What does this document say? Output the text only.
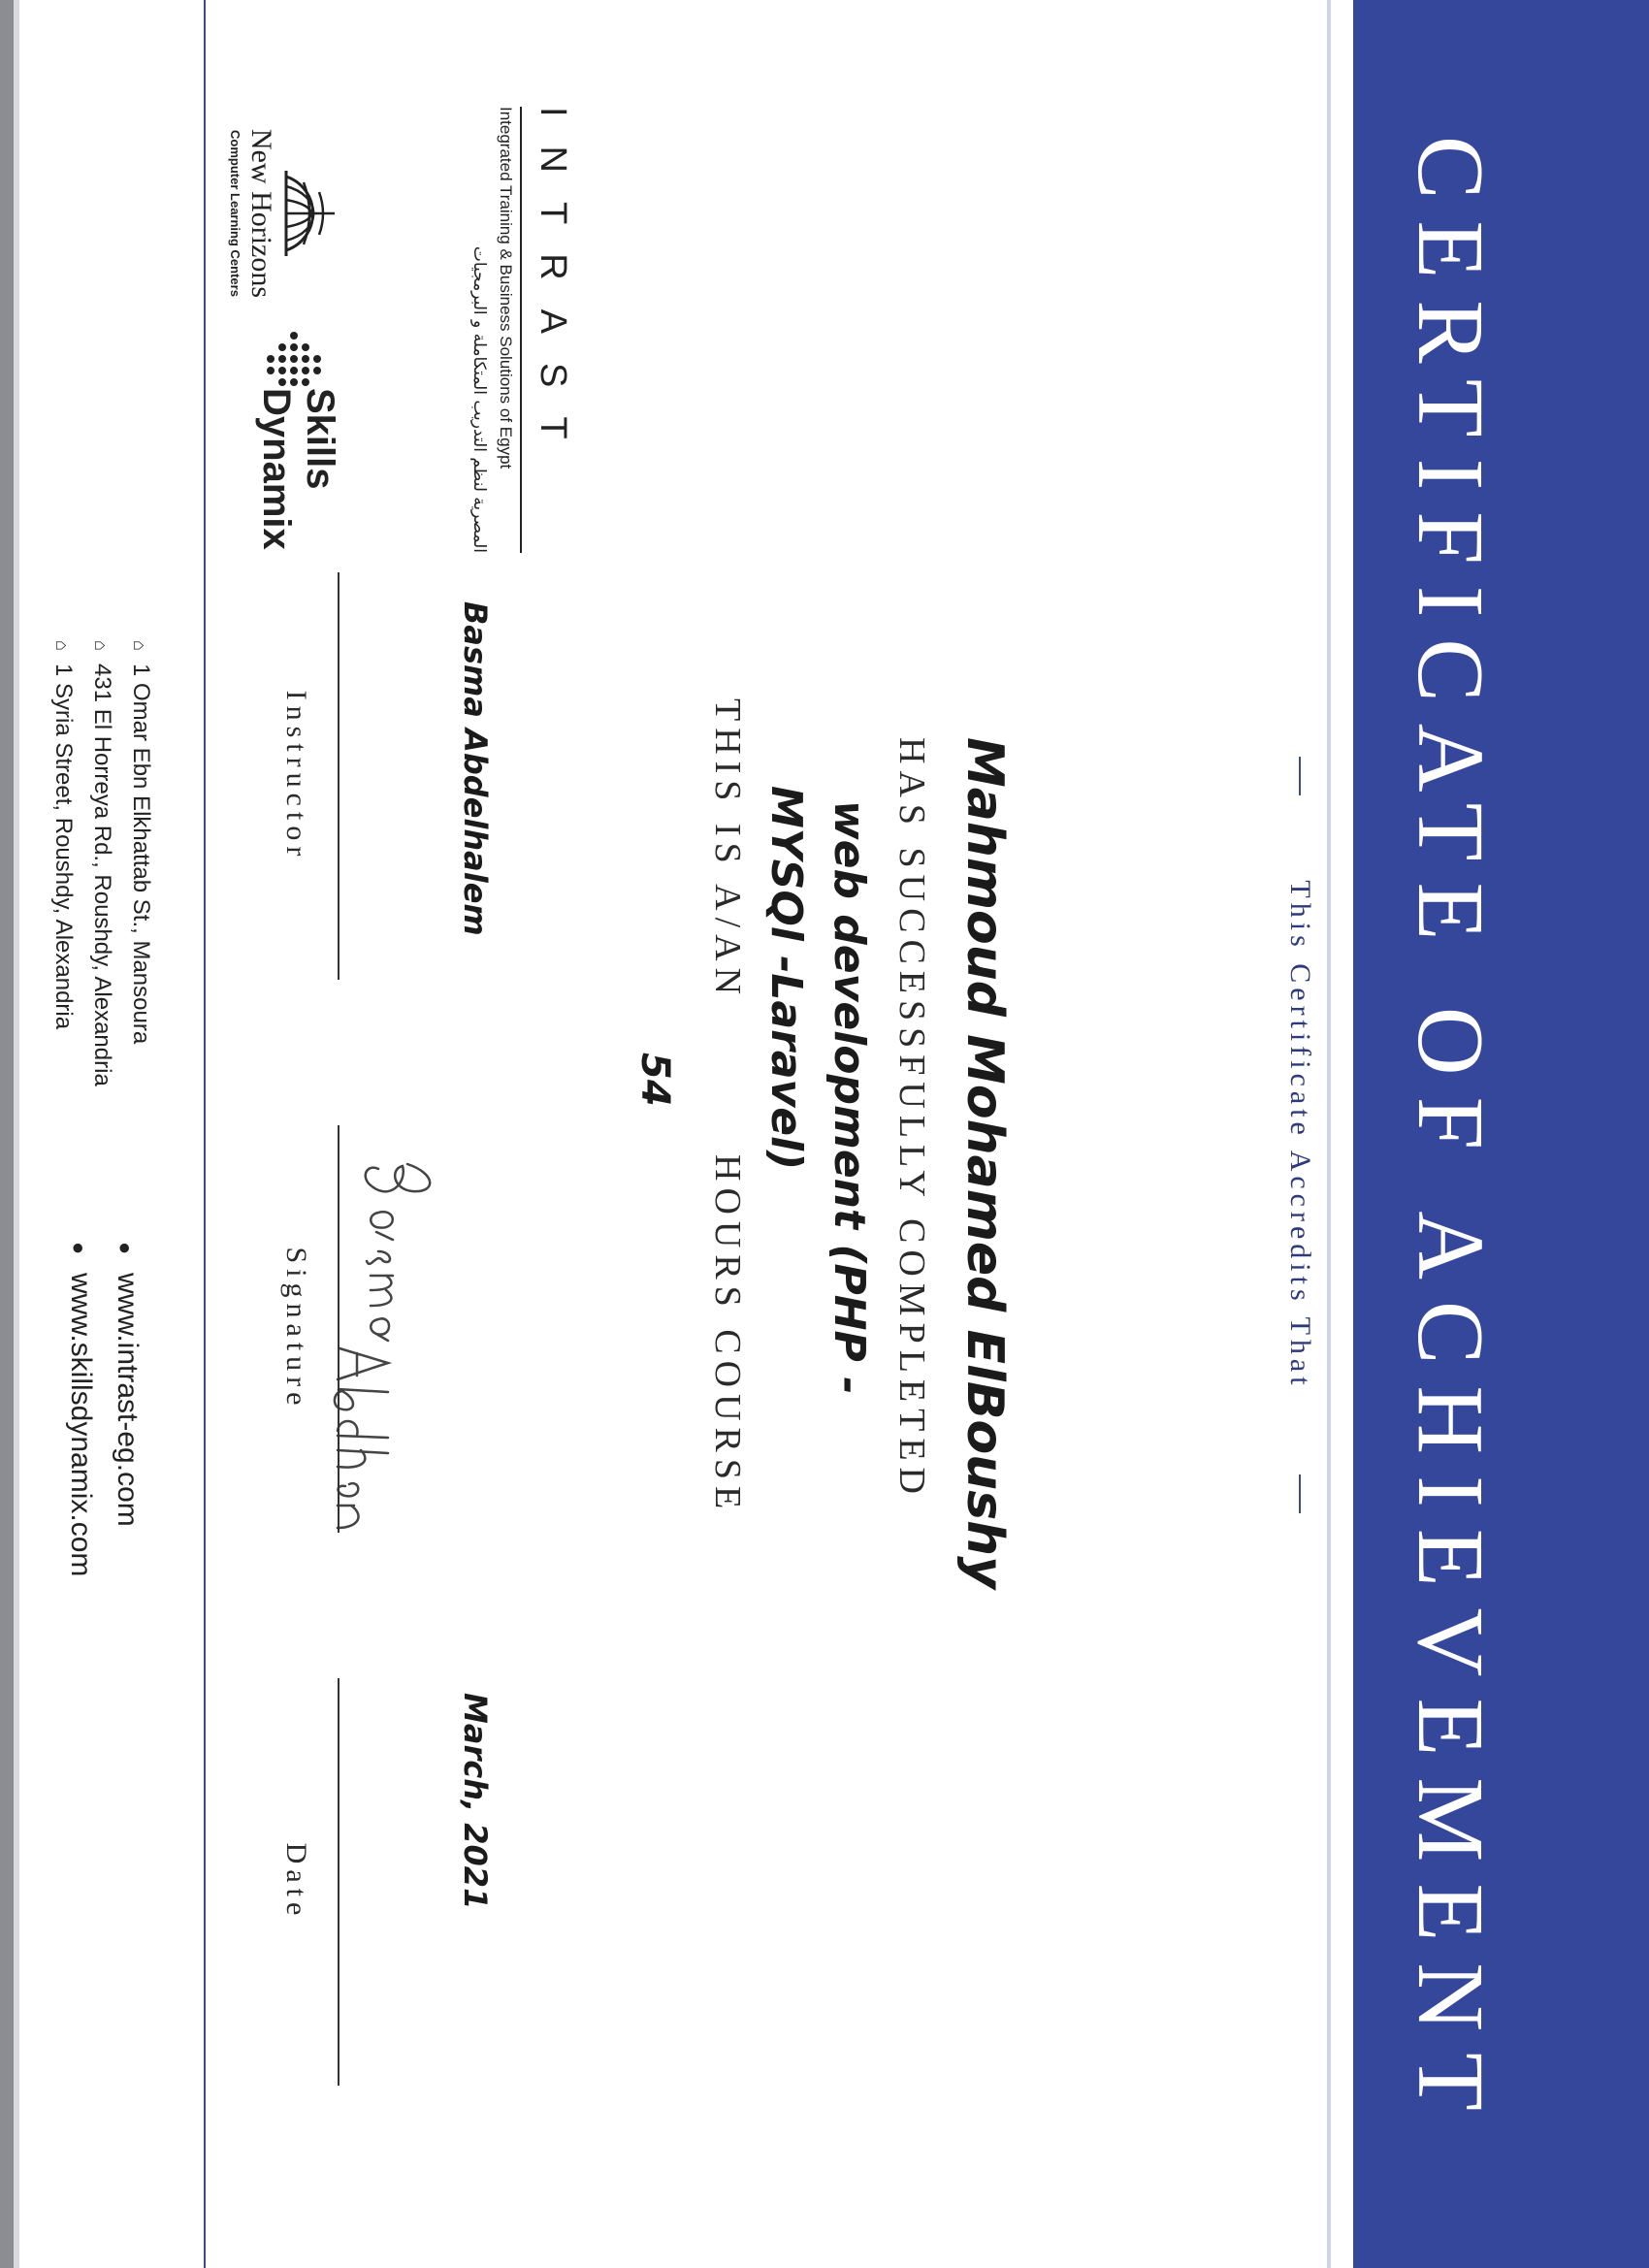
CERTIFICATE OF ACHIEVEMENT
This Certificate Accredits That
Mahmoud Mohamed ElBoushy
HAS SUCCESSFULLY COMPLETED
web development (PHP -
MYSQl -Laravel)
THIS IS A/AN
54
HOURS COURSE
Basma Abdelhalem
March, 2021
Instructor
Signature
Date
INTRAST
Integrated Training & Business Solutions of Egypt
المصرية لنظم التدريب المتكاملة و البرمجيات
New Horizons
Computer Learning Centers
Skills
Dynamix
⌂1 Omar Ebn Elkhattab St., Mansoura
⌂431 El Horreya Rd., Roushdy, Alexandria
⌂1 Syria Street, Roushdy, Alexandria
●www.intrast-eg.com
●www.skillsdynamix.com
